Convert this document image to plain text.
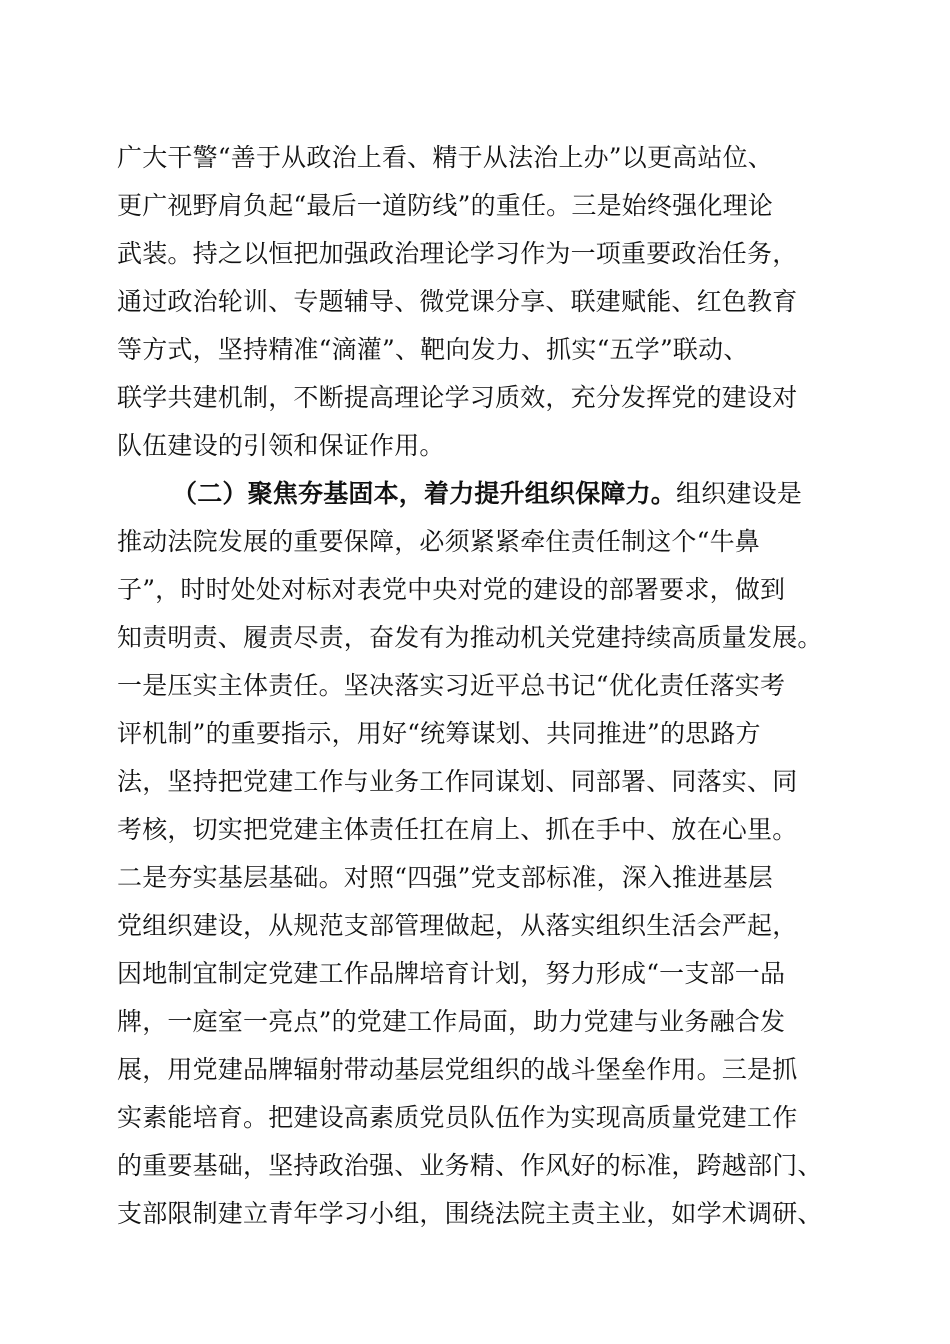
广大干警“善于从政治上看、精于从法治上办”以更高站位、
更广视野肩负起“最后一道防线”的重任。三是始终强化理论
武装。持之以恒把加强政治理论学习作为一项重要政治任务，
通过政治轮训、专题辅导、微党课分享、联建赋能、红色教育
等方式，坚持精准“滴灌”、靶向发力、抓实“五学”联动、
联学共建机制，不断提高理论学习质效，充分发挥党的建设对
队伍建设的引领和保证作用。
（二）聚焦夯基固本，着力提升组织保障力。组织建设是
推动法院发展的重要保障，必须紧紧牵住责任制这个“牛鼻
子”，时时处处对标对表党中央对党的建设的部署要求，做到
知责明责、履责尽责，奋发有为推动机关党建持续高质量发展。
一是压实主体责任。坚决落实习近平总书记“优化责任落实考
评机制”的重要指示，用好“统筹谋划、共同推进”的思路方
法，坚持把党建工作与业务工作同谋划、同部署、同落实、同
考核，切实把党建主体责任扛在肩上、抓在手中、放在心里。
二是夯实基层基础。对照“四强”党支部标准，深入推进基层
党组织建设，从规范支部管理做起，从落实组织生活会严起，
因地制宜制定党建工作品牌培育计划，努力形成“一支部一品
牌，一庭室一亮点”的党建工作局面，助力党建与业务融合发
展，用党建品牌辐射带动基层党组织的战斗堡垒作用。三是抓
实素能培育。把建设高素质党员队伍作为实现高质量党建工作
的重要基础，坚持政治强、业务精、作风好的标准，跨越部门、
支部限制建立青年学习小组，围绕法院主责主业，如学术调研、
